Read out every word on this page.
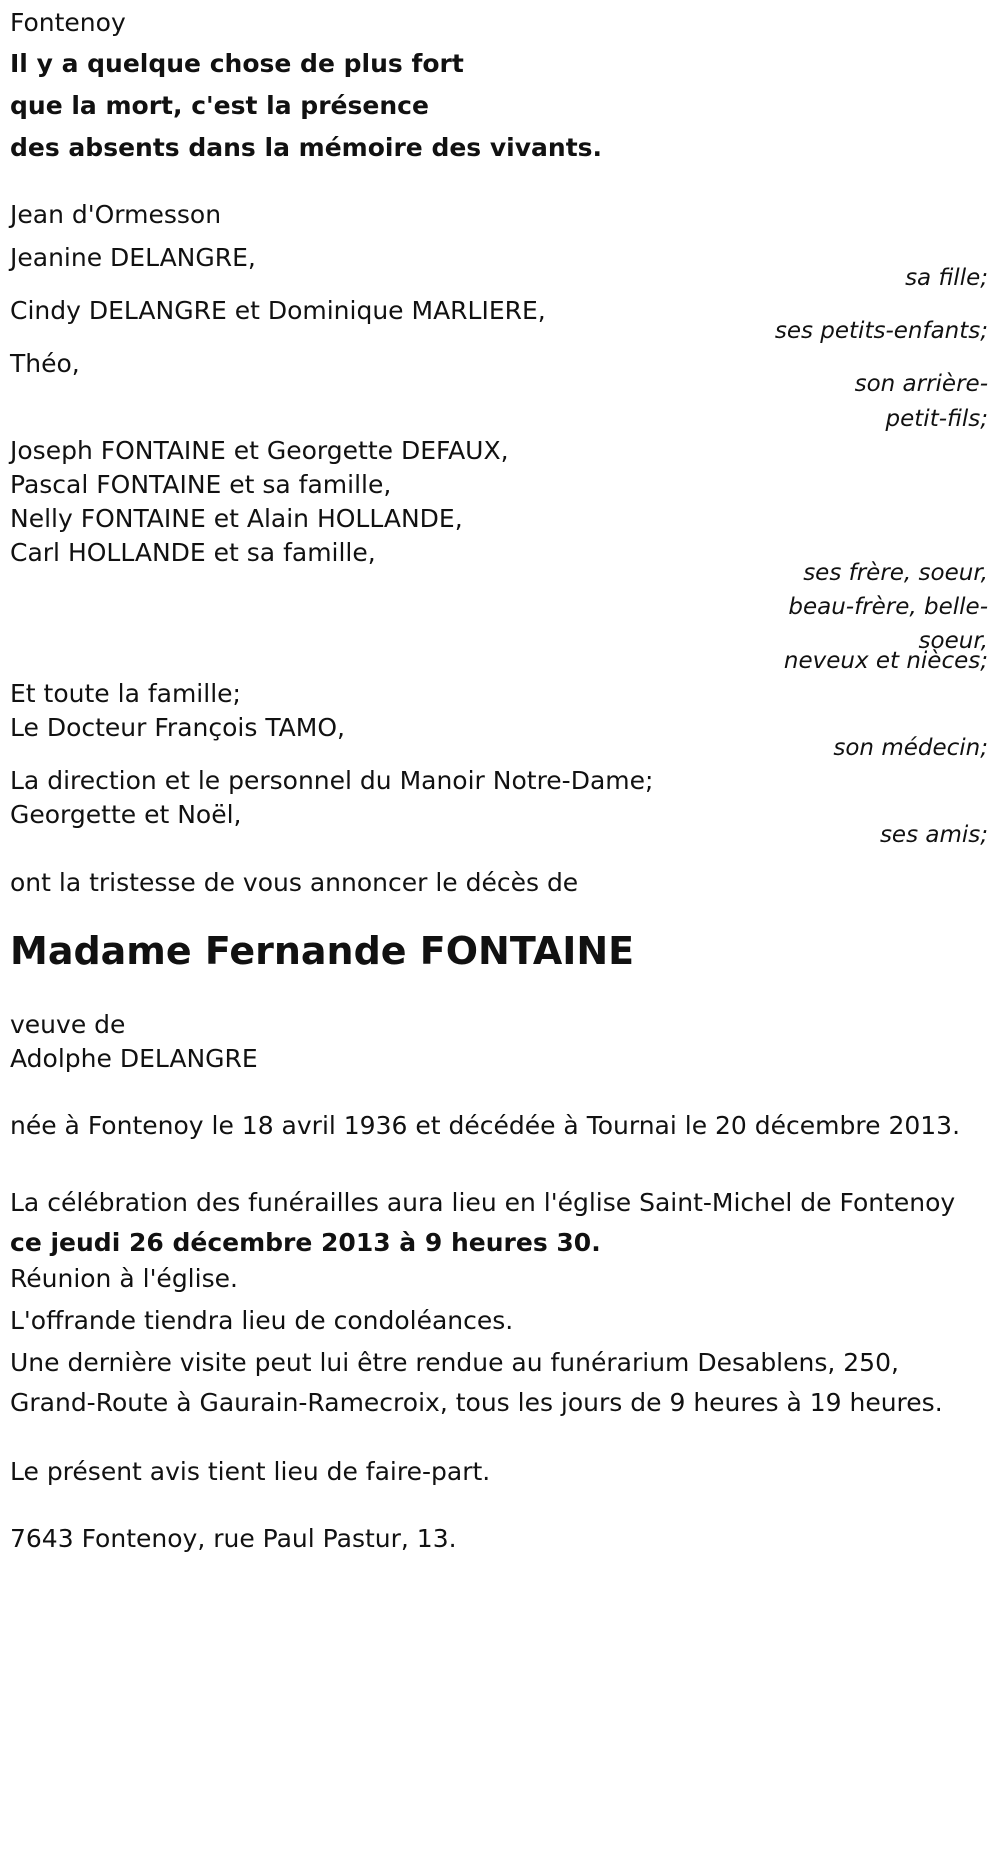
Fontenoy
Il y a quelque chose de plus fort
que la mort, c'est la présence
des absents dans la mémoire des vivants.
Jean d'Ormesson
Jeanine DELANGRE,
sa fille;
Cindy DELANGRE et Dominique MARLIERE,
ses petits-enfants;
Théo,
son arrière-
petit-fils;
Joseph FONTAINE et Georgette DEFAUX,
Pascal FONTAINE et sa famille,
Nelly FONTAINE et Alain HOLLANDE,
Carl HOLLANDE et sa famille,
ses frère, soeur,
beau-frère, belle-
soeur,
neveux et nièces;
Et toute la famille;
Le Docteur François TAMO,
son médecin;
La direction et le personnel du Manoir Notre-Dame;
Georgette et Noël,
ses amis;
ont la tristesse de vous annoncer le décès de
Madame Fernande FONTAINE
veuve de
Adolphe DELANGRE
née à Fontenoy le 18 avril 1936 et décédée à Tournai le 20 décembre 2013.
La célébration des funérailles aura lieu en l'église Saint-Michel de Fontenoy ce jeudi 26 décembre 2013 à 9 heures 30.
Réunion à l'église.
L'offrande tiendra lieu de condoléances.
Une dernière visite peut lui être rendue au funérarium Desablens, 250, Grand-Route à Gaurain-Ramecroix, tous les jours de 9 heures à 19 heures.
Le présent avis tient lieu de faire-part.
7643 Fontenoy, rue Paul Pastur, 13.
